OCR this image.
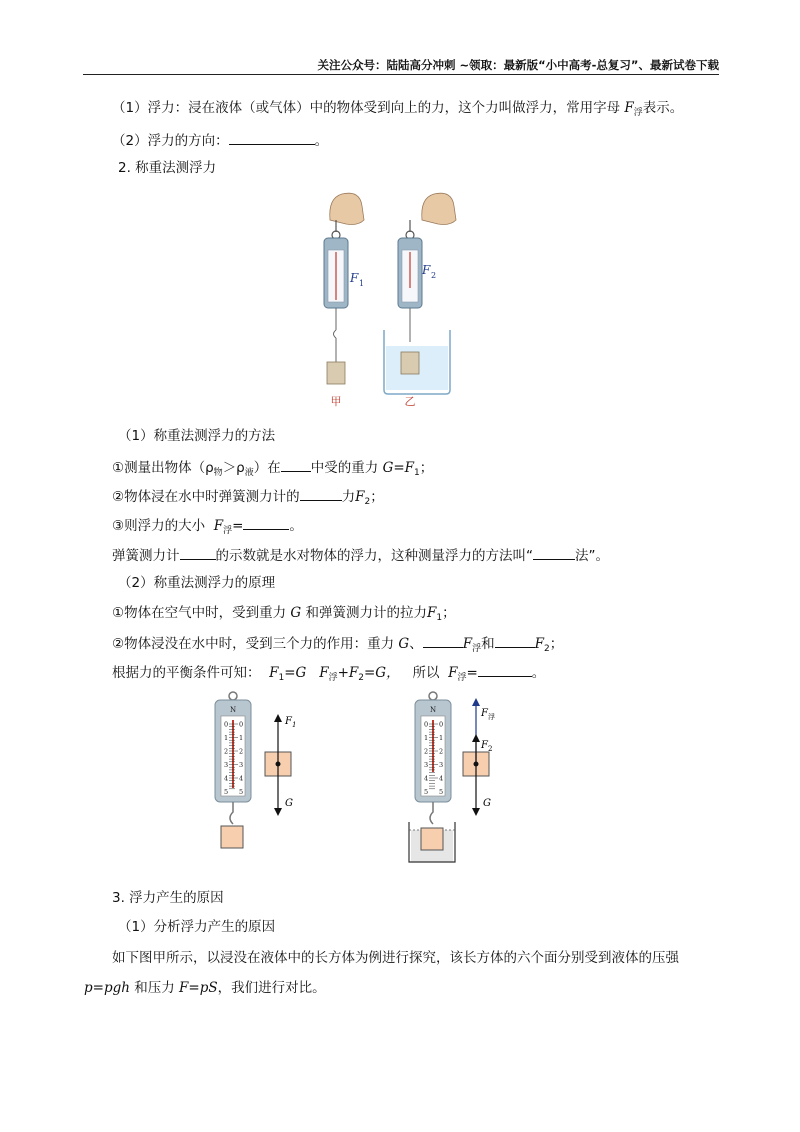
关注公众号：陆陆高分冲刺 ~领取：最新版“小中高考-总复习”、最新试卷下载
（1）浮力：浸在液体（或气体）中的物体受到向上的力，这个力叫做浮力，常用字母 $F_浮$表示。
（2）浮力的方向：	。
2. 称重法测浮力
F 1
F 2
甲	乙
（1）称重法测浮力的方法
①测量出物体$(\rho_物>\rho_液)$在 中受的重力 $G=F_1$；
②物体浸在水中时弹簧测力计的	力$F_2$；
③则浮力的大小 $F_浮=$	。
弹簧测力计	的示数就是水对物体的浮力，这种测量浮力的方法叫“	法”。
（2）称重法测浮力的原理
①物体在空气中时，受到重力 G 和弹簧测力计的拉力$F_1$；
②物体浸没在水中时，受到三个力的作用：重力 G、	$F_浮$和	$F_2$；
根据力的平衡条件可知： $F_1=G$ $F_浮+F_2=G$， 所以 $F_浮=$	。
N
0 0
1 1
2 2
3 3
4 4
5 5
F 1
G
N
0 0
1 1
2 2
3 3
4 4
5 5
F 浮
F 2
G
3. 浮力产生的原因
（1）分析浮力产生的原因
如下图甲所示，以浸没在液体中的长方体为例进行探究，该长方体的六个面分别受到液体的压强
p=pgh 和压力 F=pS，我们进行对比。
